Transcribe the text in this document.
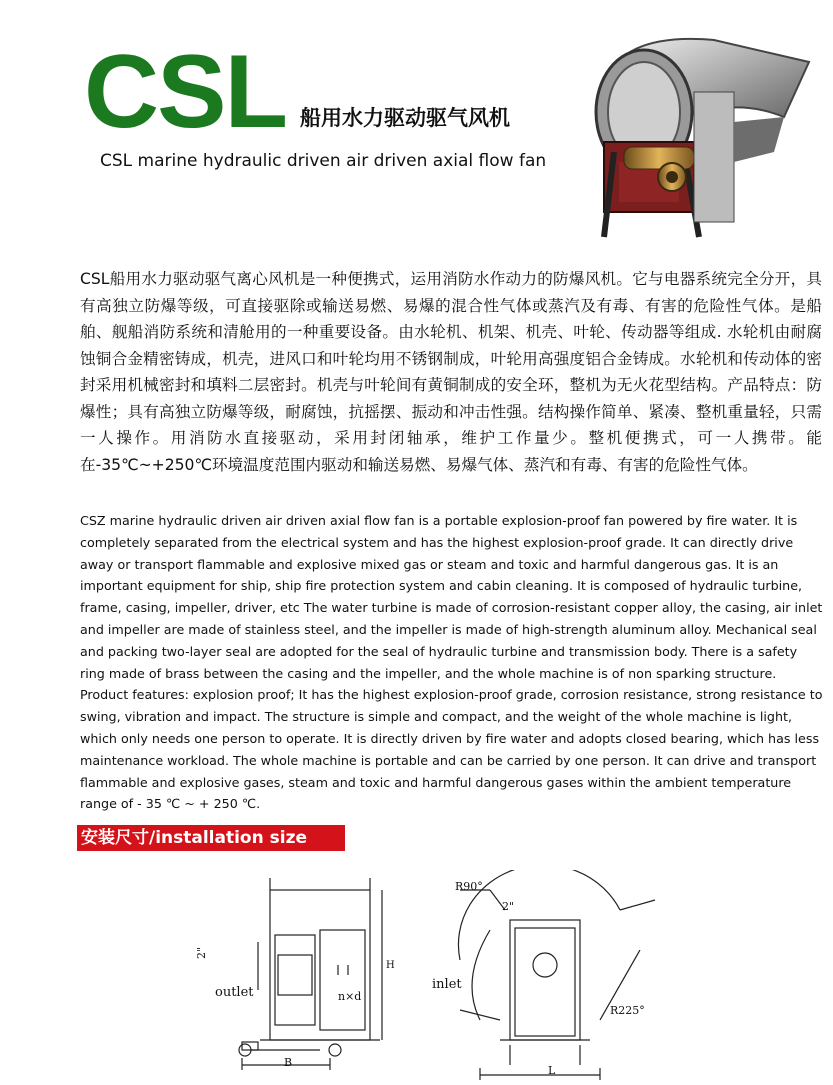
CSL 船用水力驱动驱气风机
CSL marine hydraulic driven air driven axial flow fan
CSL船用水力驱动驱气离心风机是一种便携式，运用消防水作动力的防爆风机。它与电器系统完全分开，具有高独立防爆等级，可直接驱除或输送易燃、易爆的混合性气体或蒸汽及有毒、有害的危险性气体。是船舶、舰船消防系统和清舱用的一种重要设备。由水轮机、机架、机壳、叶轮、传动器等组成. 水轮机由耐腐蚀铜合金精密铸成，机壳，进风口和叶轮均用不锈钢制成，叶轮用高强度铝合金铸成。水轮机和传动体的密封采用机械密封和填料二层密封。机壳与叶轮间有黄铜制成的安全环，整机为无火花型结构。产品特点：防爆性；具有高独立防爆等级，耐腐蚀，抗摇摆、振动和冲击性强。结构操作简单、紧凑、整机重量轻，只需一人操作。用消防水直接驱动，采用封闭轴承，维护工作量少。整机便携式，可一人携带。能在-35℃~+250℃环境温度范围内驱动和输送易燃、易爆气体、蒸汽和有毒、有害的危险性气体。
CSZ marine hydraulic driven air driven axial flow fan is a portable explosion-proof fan powered by fire water. It is completely separated from the electrical system and has the highest explosion-proof grade. It can directly drive away or transport flammable and explosive mixed gas or steam and toxic and harmful dangerous gas. It is an important equipment for ship, ship fire protection system and cabin cleaning. It is composed of hydraulic turbine, frame, casing, impeller, driver, etc The water turbine is made of corrosion-resistant copper alloy, the casing, air inlet and impeller are made of stainless steel, and the impeller is made of high-strength aluminum alloy. Mechanical seal and packing two-layer seal are adopted for the seal of hydraulic turbine and transmission body. There is a safety ring made of brass between the casing and the impeller, and the whole machine is of non sparking structure. Product features: explosion proof; It has the highest explosion-proof grade, corrosion resistance, strong resistance to swing, vibration and impact. The structure is simple and compact, and the weight of the whole machine is light, which only needs one person to operate. It is directly driven by fire water and adopts closed bearing, which has less maintenance workload. The whole machine is portable and can be carried by one person. It can drive and transport flammable and explosive gases, steam and toxic and harmful dangerous gases within the ambient temperature range of - 35 ℃ ~ + 250 ℃.
安装尺寸/installation size
outlet
2"
n×d
B
H
R90°
2"
inlet
R225°
L
